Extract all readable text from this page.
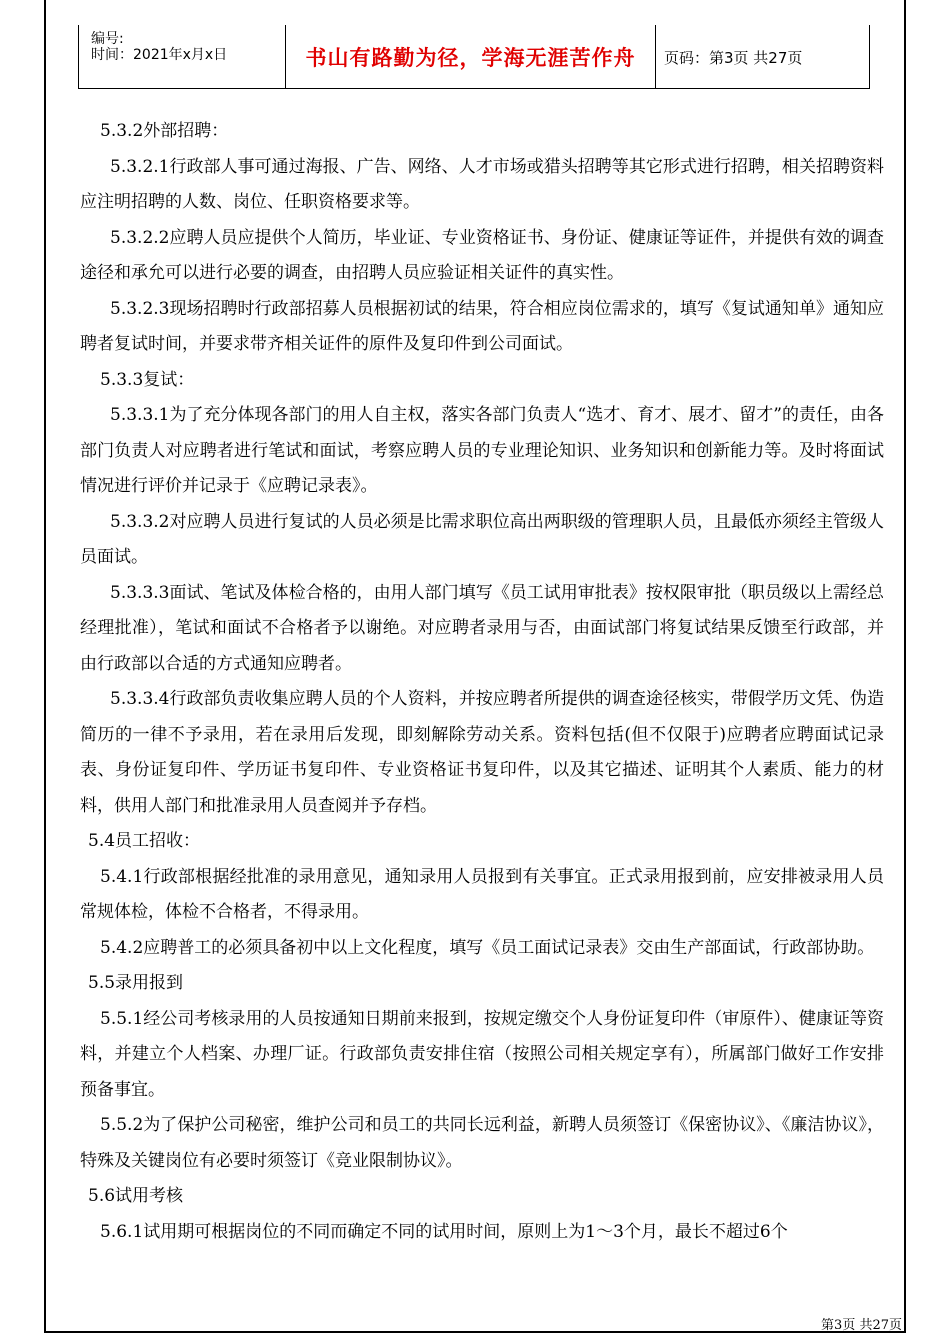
编号:
时间：2021年x月x日	书山有路勤为径，学海无涯苦作舟	页码：第3页 共27页

5.3.2外部招聘：

5.3.2.1行政部人事可通过海报、广告、网络、人才市场或猎头招聘等其它形式进行招聘，相关招聘资料应注明招聘的人数、岗位、任职资格要求等。

5.3.2.2应聘人员应提供个人简历，毕业证、专业资格证书、身份证、健康证等证件，并提供有效的调查途径和承允可以进行必要的调查，由招聘人员应验证相关证件的真实性。

5.3.2.3现场招聘时行政部招募人员根据初试的结果，符合相应岗位需求的，填写《复试通知单》通知应聘者复试时间，并要求带齐相关证件的原件及复印件到公司面试。

5.3.3复试：

5.3.3.1为了充分体现各部门的用人自主权，落实各部门负责人“选才、育才、展才、留才”的责任，由各部门负责人对应聘者进行笔试和面试，考察应聘人员的专业理论知识、业务知识和创新能力等。及时将面试情况进行评价并记录于《应聘记录表》。

5.3.3.2对应聘人员进行复试的人员必须是比需求职位高出两职级的管理职人员，且最低亦须经主管级人员面试。

5.3.3.3面试、笔试及体检合格的，由用人部门填写《员工试用审批表》按权限审批（职员级以上需经总经理批准），笔试和面试不合格者予以谢绝。对应聘者录用与否，由面试部门将复试结果反馈至行政部，并由行政部以合适的方式通知应聘者。

5.3.3.4行政部负责收集应聘人员的个人资料，并按应聘者所提供的调查途径核实，带假学历文凭、伪造简历的一律不予录用，若在录用后发现，即刻解除劳动关系。资料包括(但不仅限于)应聘者应聘面试记录表、身份证复印件、学历证书复印件、专业资格证书复印件，以及其它描述、证明其个人素质、能力的材料，供用人部门和批准录用人员查阅并予存档。

5.4员工招收：

5.4.1行政部根据经批准的录用意见，通知录用人员报到有关事宜。正式录用报到前，应安排被录用人员常规体检，体检不合格者，不得录用。

5.4.2应聘普工的必须具备初中以上文化程度，填写《员工面试记录表》交由生产部面试，行政部协助。

5.5录用报到

5.5.1经公司考核录用的人员按通知日期前来报到，按规定缴交个人身份证复印件（审原件）、健康证等资料，并建立个人档案、办理厂证。行政部负责安排住宿（按照公司相关规定享有），所属部门做好工作安排预备事宜。

5.5.2为了保护公司秘密，维护公司和员工的共同长远利益，新聘人员须签订《保密协议》、《廉洁协议》，特殊及关键岗位有必要时须签订《竞业限制协议》。

5.6试用考核

5.6.1试用期可根据岗位的不同而确定不同的试用时间，原则上为1～3个月，最长不超过6个

第3页 共27页
